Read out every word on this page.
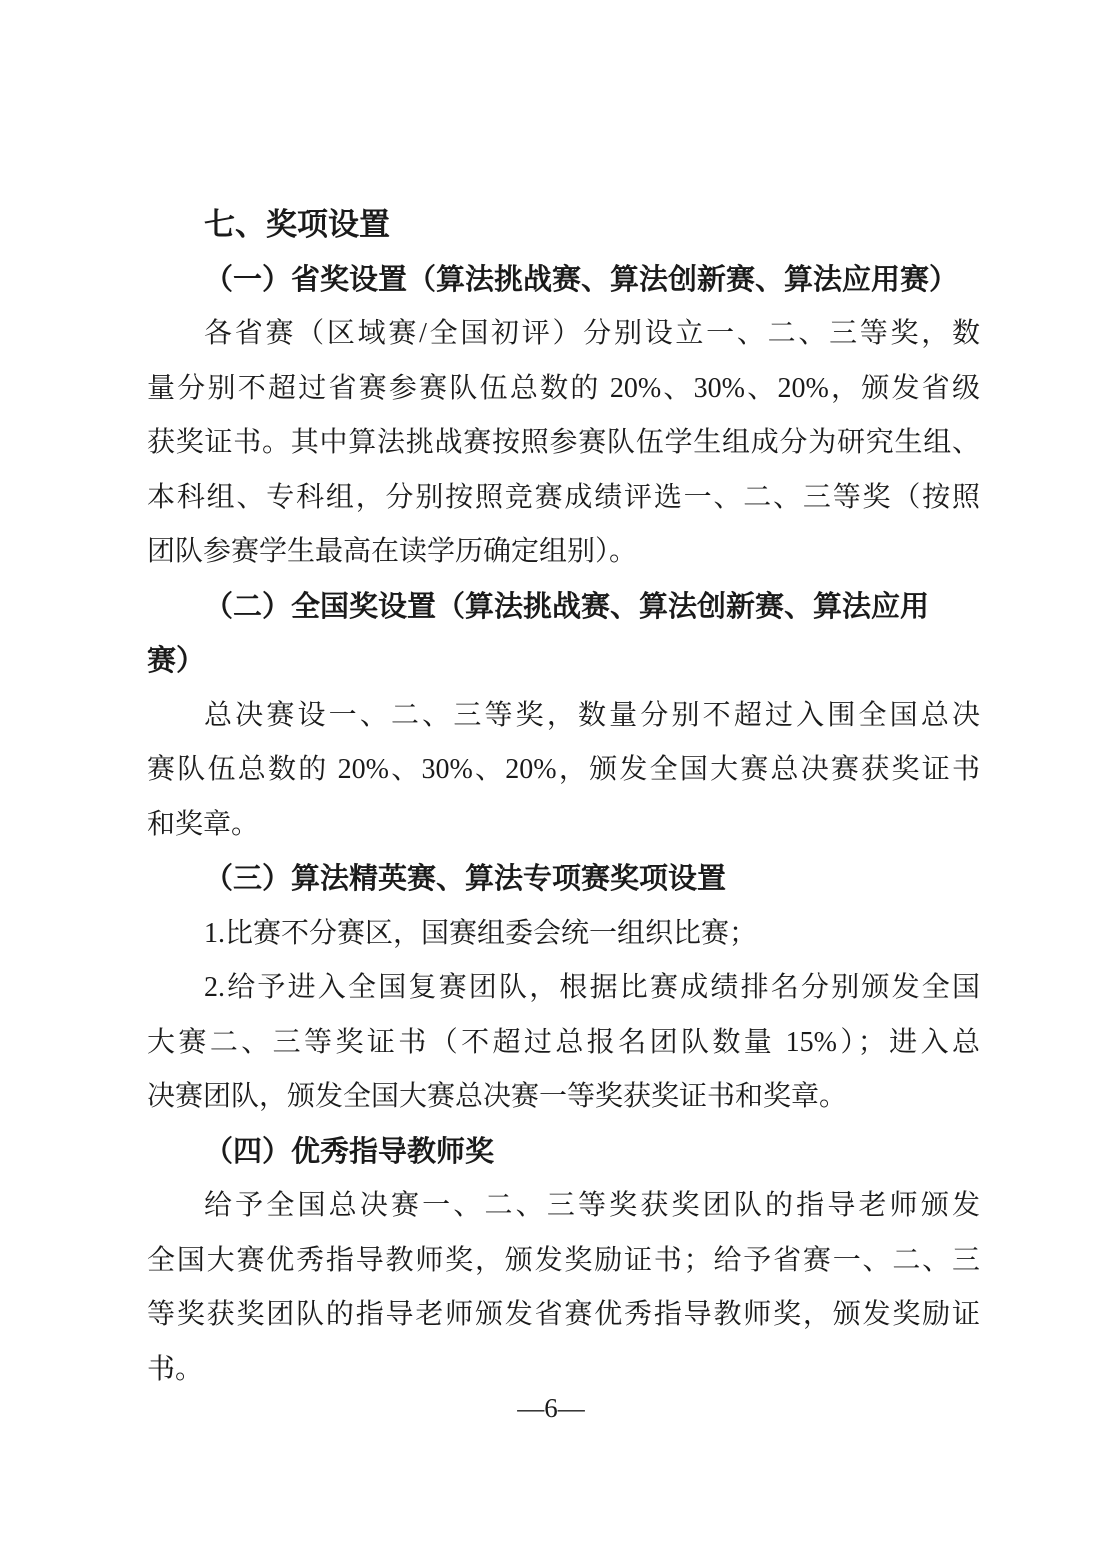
七、奖项设置
（一）省奖设置（算法挑战赛、算法创新赛、算法应用赛）
各省赛（区域赛/全国初评）分别设立一、二、三等奖，数
量分别不超过省赛参赛队伍总数的 20%、30%、20%，颁发省级
获奖证书。其中算法挑战赛按照参赛队伍学生组成分为研究生组、
本科组、专科组，分别按照竞赛成绩评选一、二、三等奖（按照
团队参赛学生最高在读学历确定组别）。
（二）全国奖设置（算法挑战赛、算法创新赛、算法应用
赛）
总决赛设一、二、三等奖，数量分别不超过入围全国总决
赛队伍总数的 20%、30%、20%，颁发全国大赛总决赛获奖证书
和奖章。
（三）算法精英赛、算法专项赛奖项设置
1.比赛不分赛区，国赛组委会统一组织比赛；
2.给予进入全国复赛团队，根据比赛成绩排名分别颁发全国
大赛二、三等奖证书（不超过总报名团队数量 15%）；进入总
决赛团队，颁发全国大赛总决赛一等奖获奖证书和奖章。
（四）优秀指导教师奖
给予全国总决赛一、二、三等奖获奖团队的指导老师颁发
全国大赛优秀指导教师奖，颁发奖励证书；给予省赛一、二、三
等奖获奖团队的指导老师颁发省赛优秀指导教师奖，颁发奖励证
书。
—6—
